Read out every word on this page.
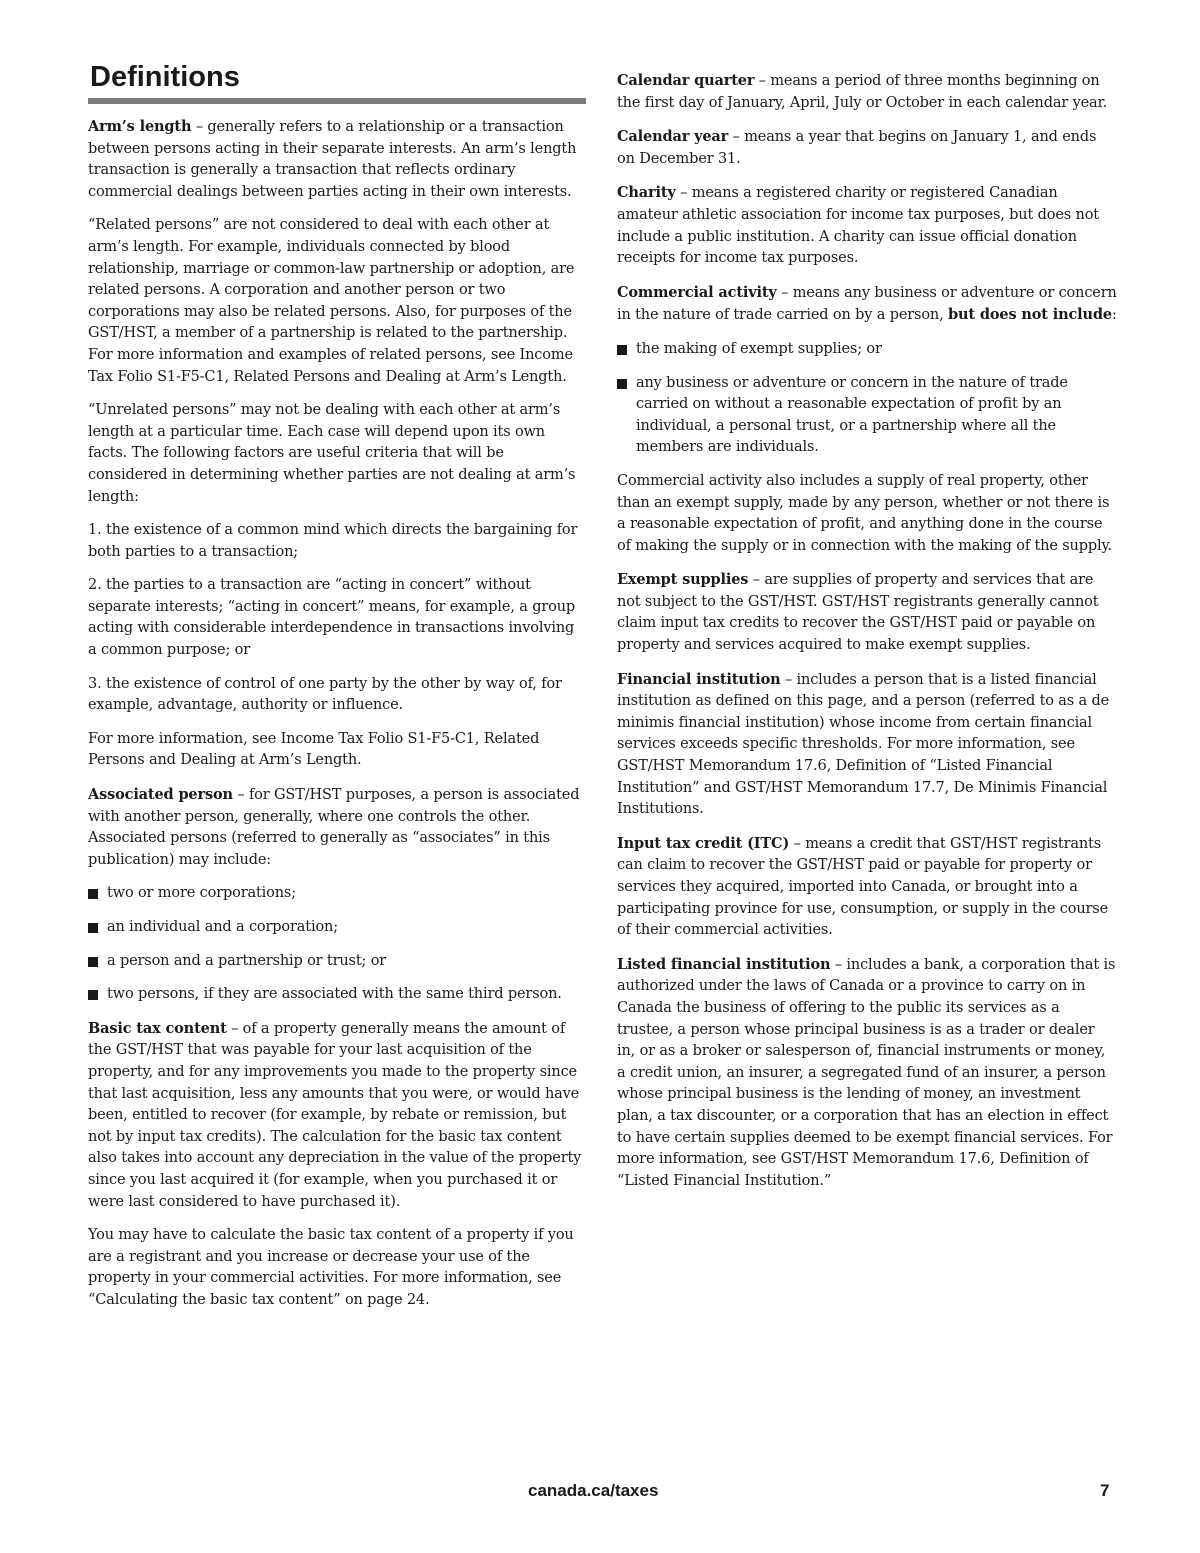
Definitions

Arm’s length – generally refers to a relationship or a transaction between persons acting in their separate interests. An arm’s length transaction is generally a transaction that reflects ordinary commercial dealings between parties acting in their own interests.

“Related persons” are not considered to deal with each other at arm’s length. For example, individuals connected by blood relationship, marriage or common-law partnership or adoption, are related persons. A corporation and another person or two corporations may also be related persons. Also, for purposes of the GST/HST, a member of a partnership is related to the partnership. For more information and examples of related persons, see Income Tax Folio S1-F5-C1, Related Persons and Dealing at Arm’s Length.

“Unrelated persons” may not be dealing with each other at arm’s length at a particular time. Each case will depend upon its own facts. The following factors are useful criteria that will be considered in determining whether parties are not dealing at arm’s length:

1. the existence of a common mind which directs the bargaining for both parties to a transaction;

2. the parties to a transaction are “acting in concert” without separate interests; “acting in concert” means, for example, a group acting with considerable interdependence in transactions involving a common purpose; or

3. the existence of control of one party by the other by way of, for example, advantage, authority or influence.

For more information, see Income Tax Folio S1-F5-C1, Related Persons and Dealing at Arm’s Length.

Associated person – for GST/HST purposes, a person is associated with another person, generally, where one controls the other. Associated persons (referred to generally as “associates” in this publication) may include:

two or more corporations;
an individual and a corporation;
a person and a partnership or trust; or
two persons, if they are associated with the same third person.

Basic tax content – of a property generally means the amount of the GST/HST that was payable for your last acquisition of the property, and for any improvements you made to the property since that last acquisition, less any amounts that you were, or would have been, entitled to recover (for example, by rebate or remission, but not by input tax credits). The calculation for the basic tax content also takes into account any depreciation in the value of the property since you last acquired it (for example, when you purchased it or were last considered to have purchased it).

You may have to calculate the basic tax content of a property if you are a registrant and you increase or decrease your use of the property in your commercial activities. For more information, see “Calculating the basic tax content” on page 24.

Calendar quarter – means a period of three months beginning on the first day of January, April, July or October in each calendar year.

Calendar year – means a year that begins on January 1, and ends on December 31.

Charity – means a registered charity or registered Canadian amateur athletic association for income tax purposes, but does not include a public institution. A charity can issue official donation receipts for income tax purposes.

Commercial activity – means any business or adventure or concern in the nature of trade carried on by a person, but does not include:

the making of exempt supplies; or
any business or adventure or concern in the nature of trade carried on without a reasonable expectation of profit by an individual, a personal trust, or a partnership where all the members are individuals.

Commercial activity also includes a supply of real property, other than an exempt supply, made by any person, whether or not there is a reasonable expectation of profit, and anything done in the course of making the supply or in connection with the making of the supply.

Exempt supplies – are supplies of property and services that are not subject to the GST/HST. GST/HST registrants generally cannot claim input tax credits to recover the GST/HST paid or payable on property and services acquired to make exempt supplies.

Financial institution – includes a person that is a listed financial institution as defined on this page, and a person (referred to as a de minimis financial institution) whose income from certain financial services exceeds specific thresholds. For more information, see GST/HST Memorandum 17.6, Definition of “Listed Financial Institution” and GST/HST Memorandum 17.7, De Minimis Financial Institutions.

Input tax credit (ITC) – means a credit that GST/HST registrants can claim to recover the GST/HST paid or payable for property or services they acquired, imported into Canada, or brought into a participating province for use, consumption, or supply in the course of their commercial activities.

Listed financial institution – includes a bank, a corporation that is authorized under the laws of Canada or a province to carry on in Canada the business of offering to the public its services as a trustee, a person whose principal business is as a trader or dealer in, or as a broker or salesperson of, financial instruments or money, a credit union, an insurer, a segregated fund of an insurer, a person whose principal business is the lending of money, an investment plan, a tax discounter, or a corporation that has an election in effect to have certain supplies deemed to be exempt financial services. For more information, see GST/HST Memorandum 17.6, Definition of “Listed Financial Institution.”

canada.ca/taxes	7
